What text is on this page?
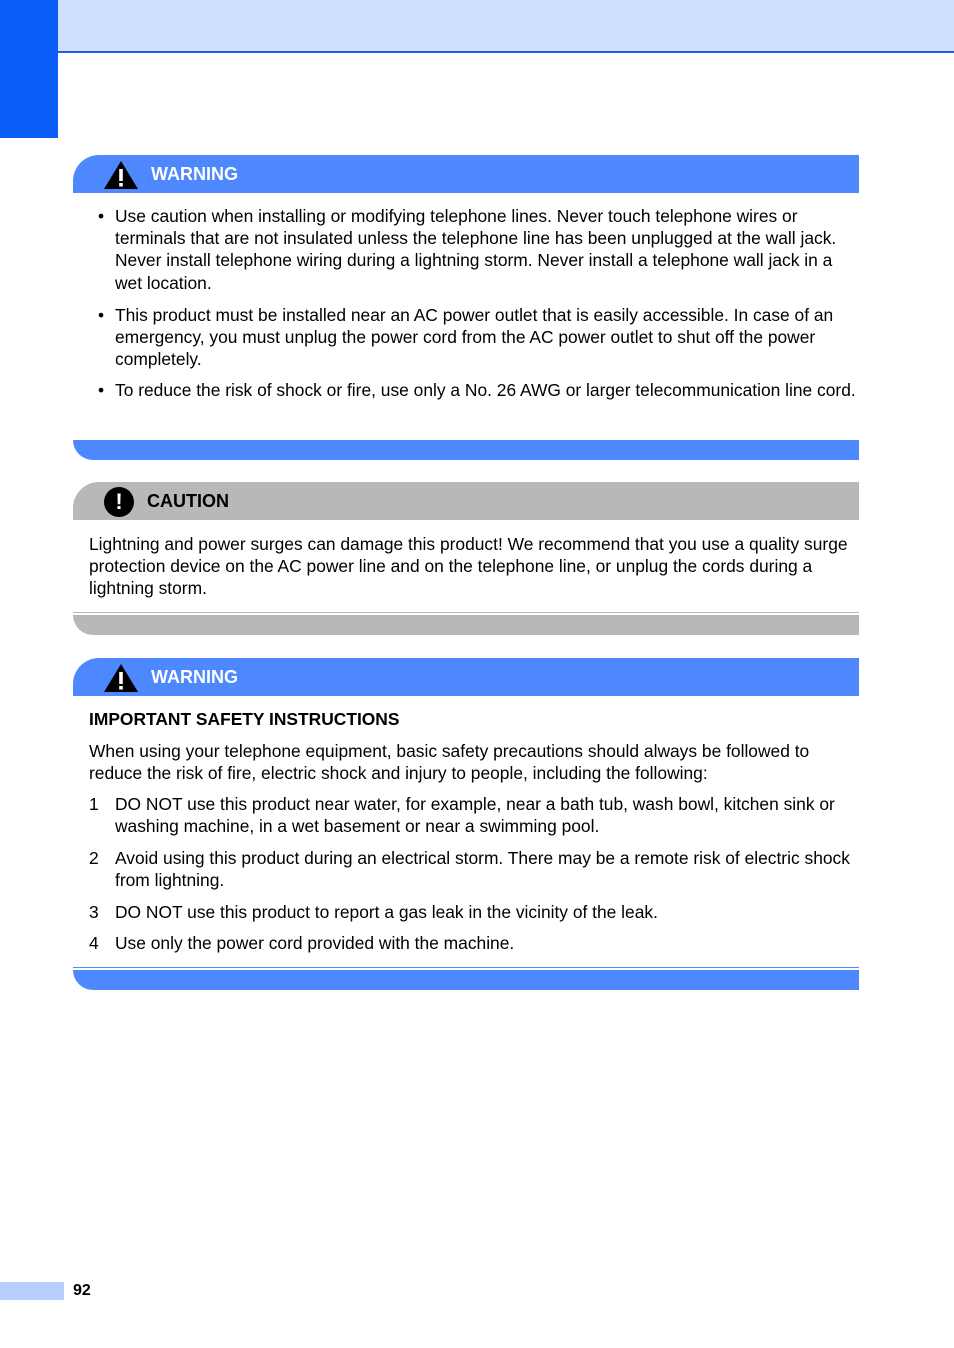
WARNING
• Use caution when installing or modifying telephone lines. Never touch telephone wires or terminals that are not insulated unless the telephone line has been unplugged at the wall jack. Never install telephone wiring during a lightning storm. Never install a telephone wall jack in a wet location.
• This product must be installed near an AC power outlet that is easily accessible. In case of an emergency, you must unplug the power cord from the AC power outlet to shut off the power completely.
• To reduce the risk of shock or fire, use only a No. 26 AWG or larger telecommunication line cord.
!	CAUTION
Lightning and power surges can damage this product! We recommend that you use a quality surge protection device on the AC power line and on the telephone line, or unplug the cords during a lightning storm.
WARNING
IMPORTANT SAFETY INSTRUCTIONS
When using your telephone equipment, basic safety precautions should always be followed to reduce the risk of fire, electric shock and injury to people, including the following:
1 DO NOT use this product near water, for example, near a bath tub, wash bowl, kitchen sink or washing machine, in a wet basement or near a swimming pool.
2 Avoid using this product during an electrical storm. There may be a remote risk of electric shock from lightning.
3 DO NOT use this product to report a gas leak in the vicinity of the leak.
4 Use only the power cord provided with the machine.
92
